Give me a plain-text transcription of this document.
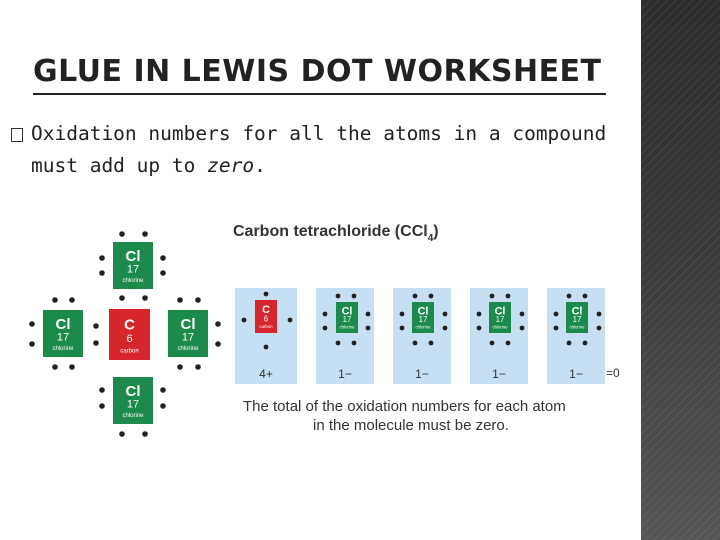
GLUE IN LEWIS DOT WORKSHEET
Oxidation numbers for all the atoms in a compound
must add up to zero.
Carbon tetrachloride (CCl$_4$)
Cl
17
chlorine
Cl
17
chlorine
C
6
carbon
Cl
17
chlorine
Cl
17
chlorine
C
6
carbon
Cl
17
chlorine
Cl
17
chlorine
Cl
17
chlorine
Cl
17
chlorine
4+	1−	1−	1−	1− =0
The total of the oxidation numbers for each atom
in the molecule must be zero.
